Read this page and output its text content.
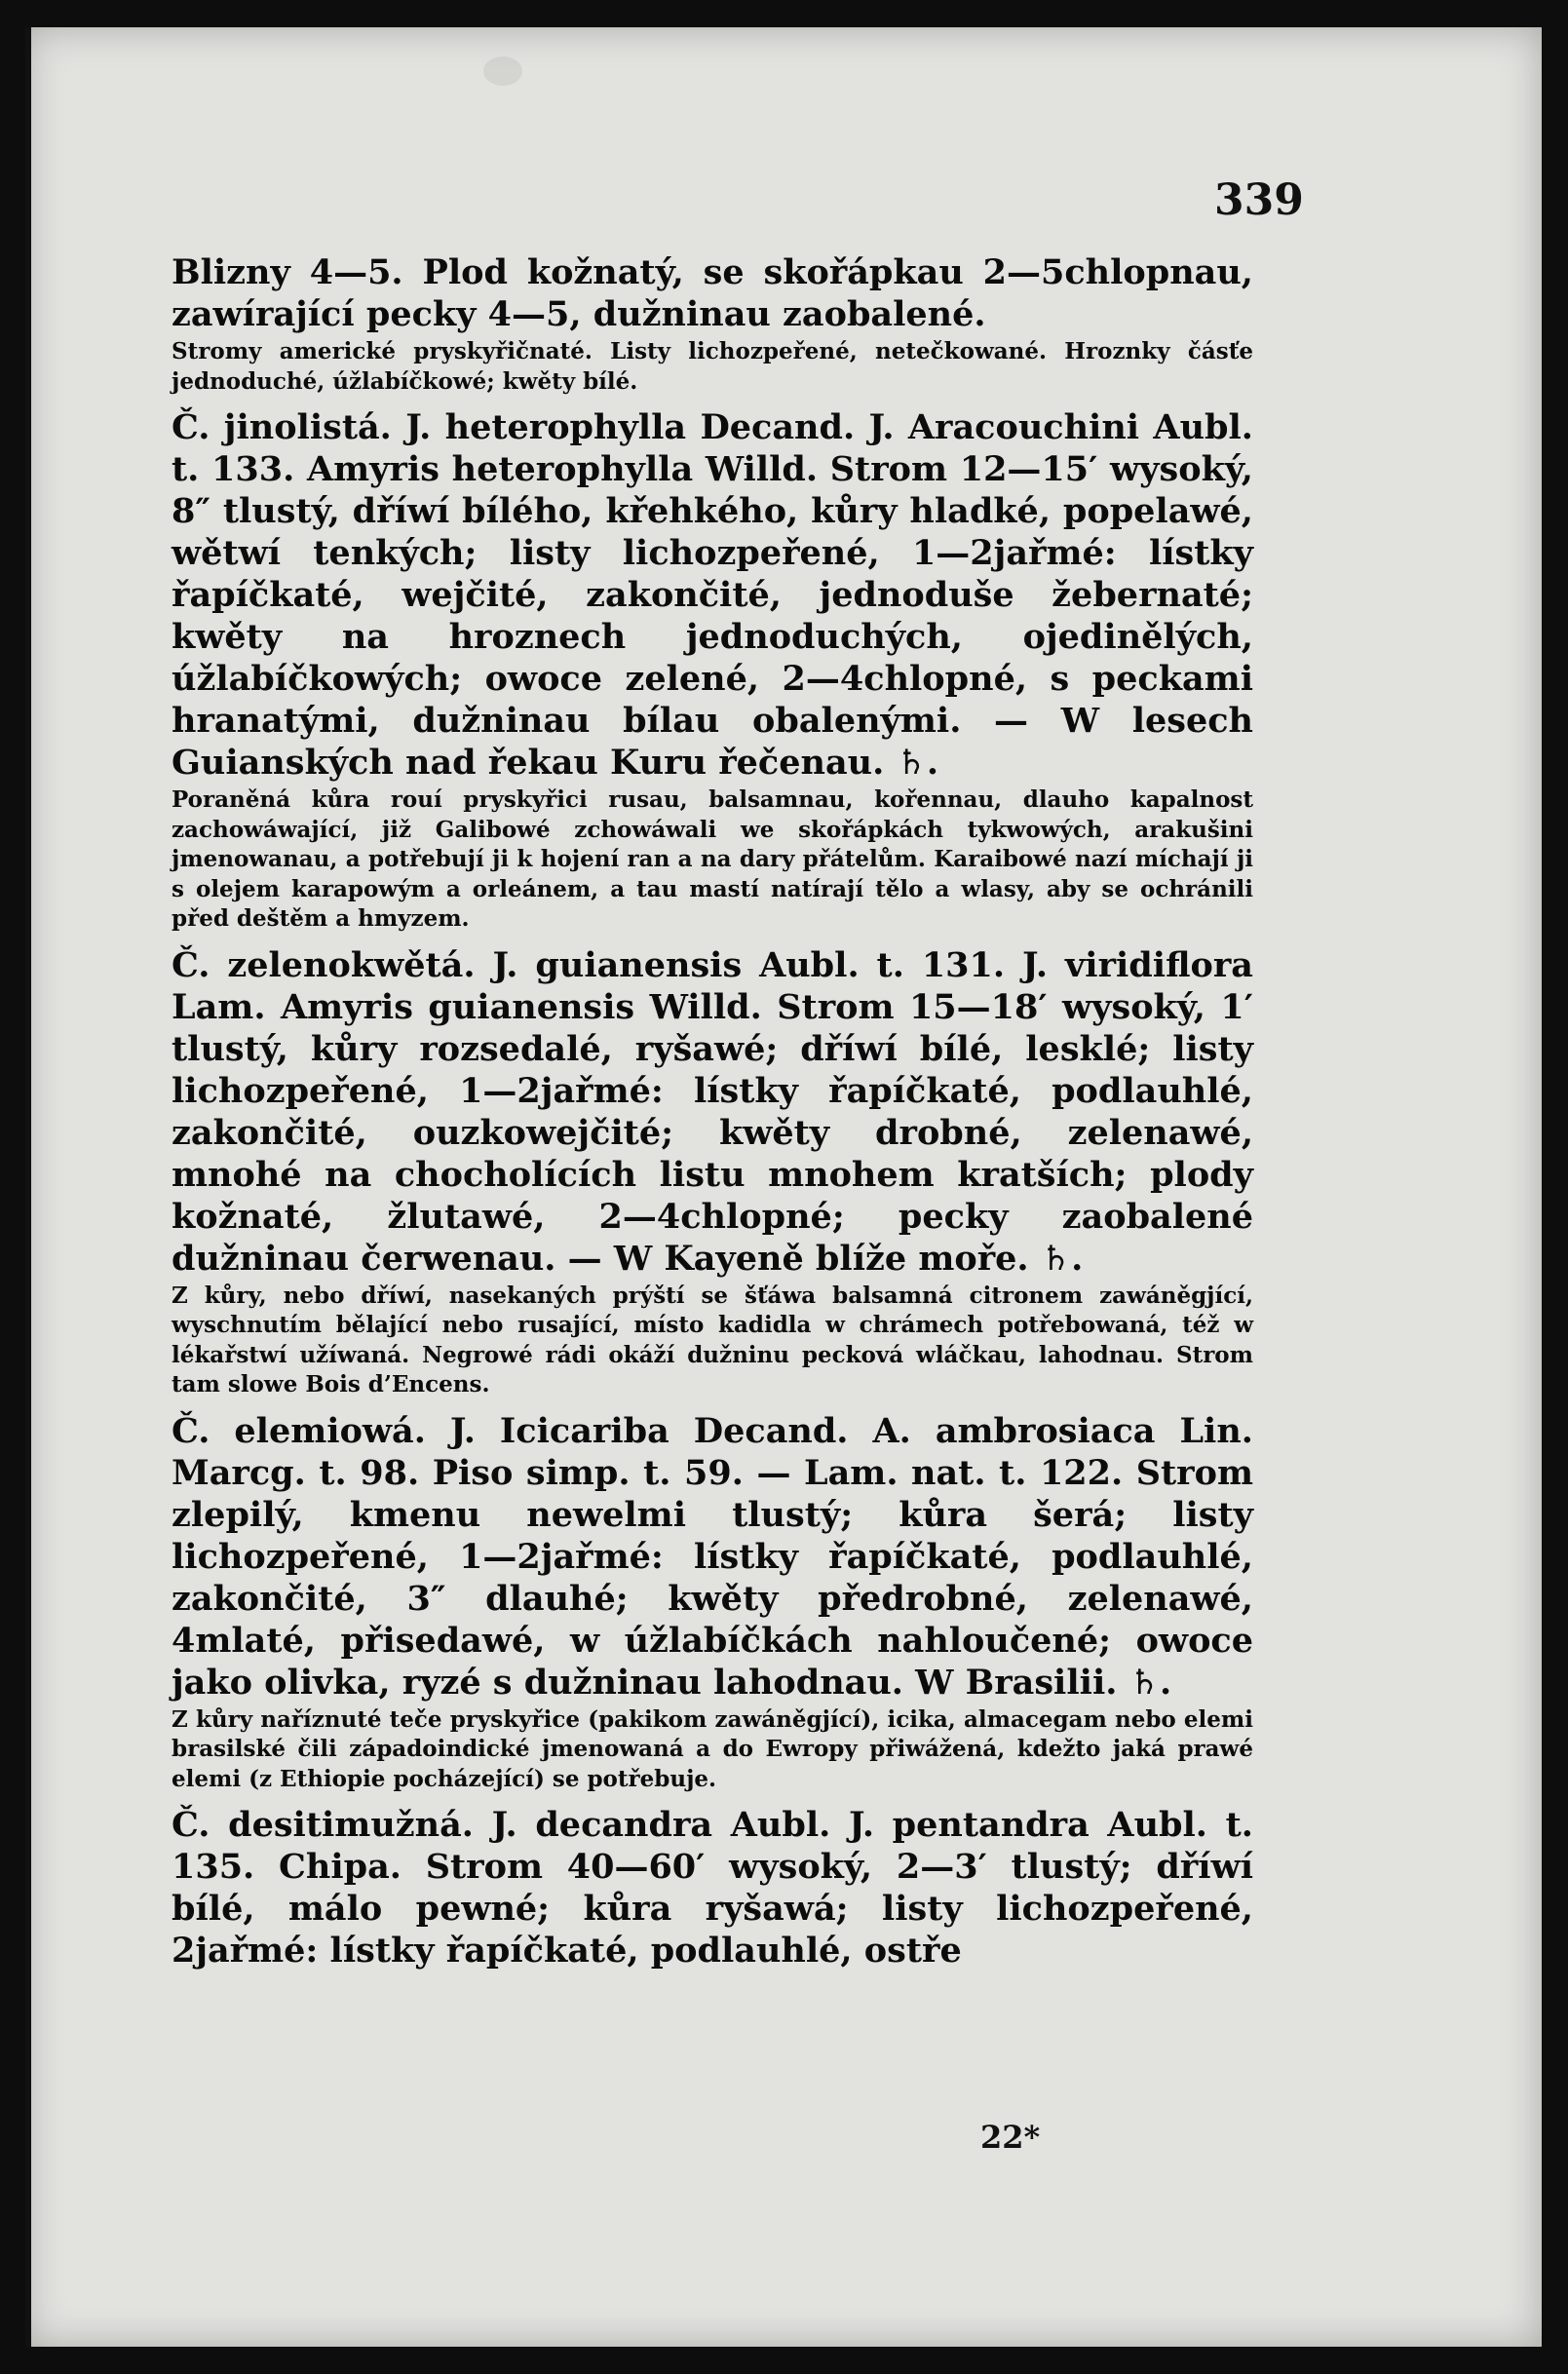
339

Blizny 4—5. Plod kožnatý, se skořápkau 2—5chlopnau, zawírající pecky 4—5, dužninau zaobalené.

Stromy americké pryskyřičnaté. Listy lichozpeřené, netečkowané. Hroznky čásťe jednoduché, úžlabíčkowé; kwěty bílé.

Č. jinolistá. J. heterophylla Decand. J. Aracouchini Aubl. t. 133. Amyris heterophylla Willd. Strom 12—15′ wysoký, 8″ tlustý, dříwí bílého, křehkého, kůry hladké, popelawé, wětwí tenkých; listy lichozpeřené, 1—2jařmé: lístky řapíčkaté, wejčité, zakončité, jednoduše žebernaté; kwěty na hroznech jednoduchých, ojedinělých, úžlabíčkowých; owoce zelené, 2—4chlopné, s peckami hranatými, dužninau bílau obalenými. — W lesech Guianských nad řekau Kuru řečenau. ♄.

Poraněná kůra rouí pryskyřici rusau, balsamnau, kořennau, dlauho kapalnost zachowáwající, již Galibowé zchowáwali we skořápkách tykwowých, arakušini jmenowanau, a potřebují ji k hojení ran a na dary přátelům. Karaibowé nazí míchají ji s olejem karapowým a orleánem, a tau mastí natírají tělo a wlasy, aby se ochránili před deštěm a hmyzem.

Č. zelenokwětá. J. guianensis Aubl. t. 131. J. viridiflora Lam. Amyris guianensis Willd. Strom 15—18′ wysoký, 1′ tlustý, kůry rozsedalé, ryšawé; dříwí bílé, lesklé; listy lichozpeřené, 1—2jařmé: lístky řapíčkaté, podlauhlé, zakončité, ouzkowejčité; kwěty drobné, zelenawé, mnohé na chocholících listu mnohem kratších; plody kožnaté, žlutawé, 2—4chlopné; pecky zaobalené dužninau čerwenau. — W Kayeně blíže moře. ♄.

Z kůry, nebo dříwí, nasekaných prýští se šťáwa balsamná citronem zawáněgjící, wyschnutím bělající nebo rusající, místo kadidla w chrámech potřebowaná, též w lékařstwí užíwaná. Negrowé rádi okáží dužninu pecková wláčkau, lahodnau. Strom tam slowe Bois d’Encens.

Č. elemiowá. J. Icicariba Decand. A. ambrosiaca Lin. Marcg. t. 98. Piso simp. t. 59. — Lam. nat. t. 122. Strom zlepilý, kmenu newelmi tlustý; kůra šerá; listy lichozpeřené, 1—2jařmé: lístky řapíčkaté, podlauhlé, zakončité, 3″ dlauhé; kwěty předrobné, zelenawé, 4mlaté, přisedawé, w úžlabíčkách nahloučené; owoce jako olivka, ryzé s dužninau lahodnau. W Brasilii. ♄.

Z kůry naříznuté teče pryskyřice (pakikom zawáněgjící), icika, almacegam nebo elemi brasilské čili západoindické jmenowaná a do Ewropy přiwážená, kdežto jaká prawé elemi (z Ethiopie pocházející) se potřebuje.

Č. desitimužná. J. decandra Aubl. J. pentandra Aubl. t. 135. Chipa. Strom 40—60′ wysoký, 2—3′ tlustý; dříwí bílé, málo pewné; kůra ryšawá; listy lichozpeřené, 2jařmé: lístky řapíčkaté, podlauhlé, ostře

22*
